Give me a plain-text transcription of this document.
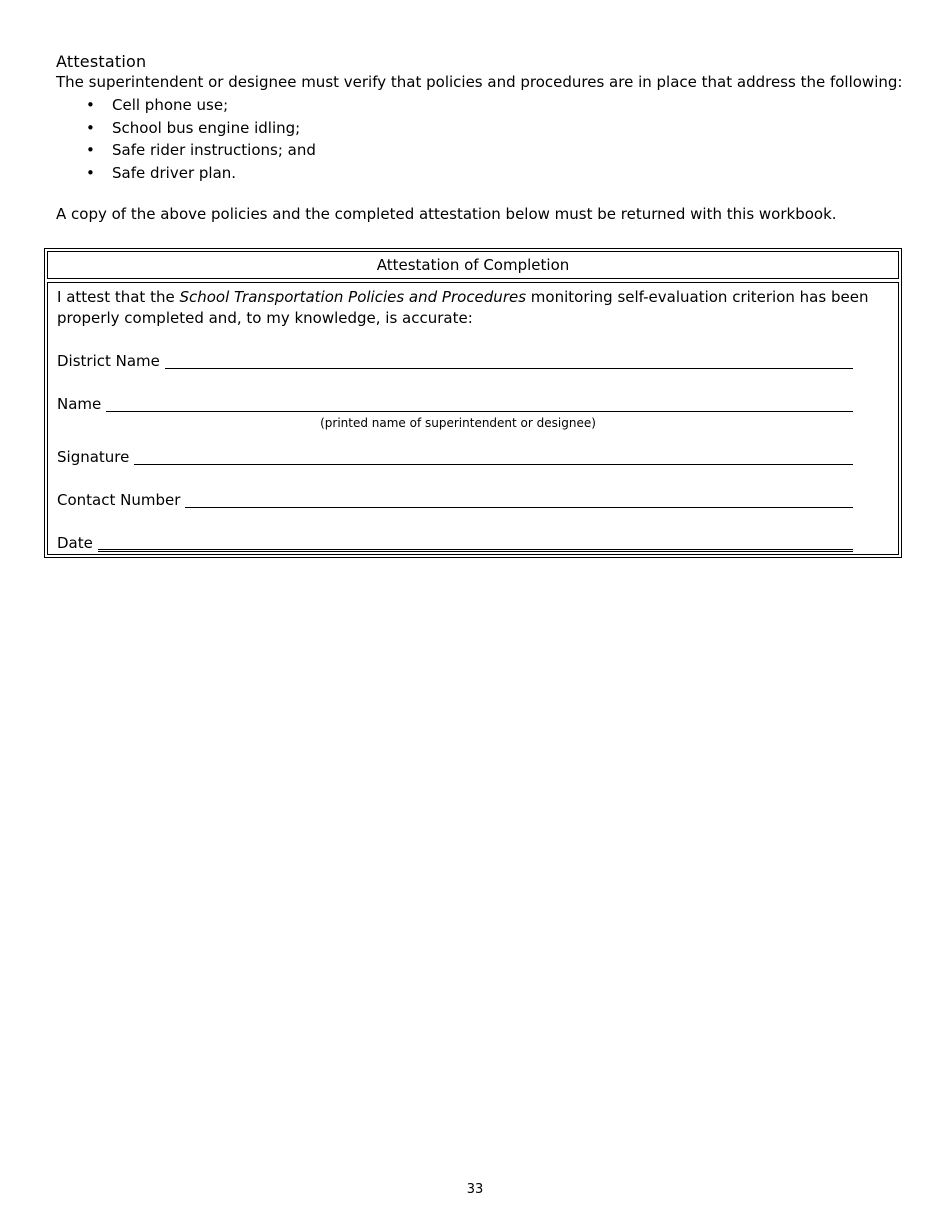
Attestation
The superintendent or designee must verify that policies and procedures are in place that address the following:
• Cell phone use;
• School bus engine idling;
• Safe rider instructions; and
• Safe driver plan.
A copy of the above policies and the completed attestation below must be returned with this workbook.
Attestation of Completion
I attest that the School Transportation Policies and Procedures monitoring self-evaluation criterion has been properly completed and, to my knowledge, is accurate:
District Name
Name
(printed name of superintendent or designee)
Signature
Contact Number
Date
33
